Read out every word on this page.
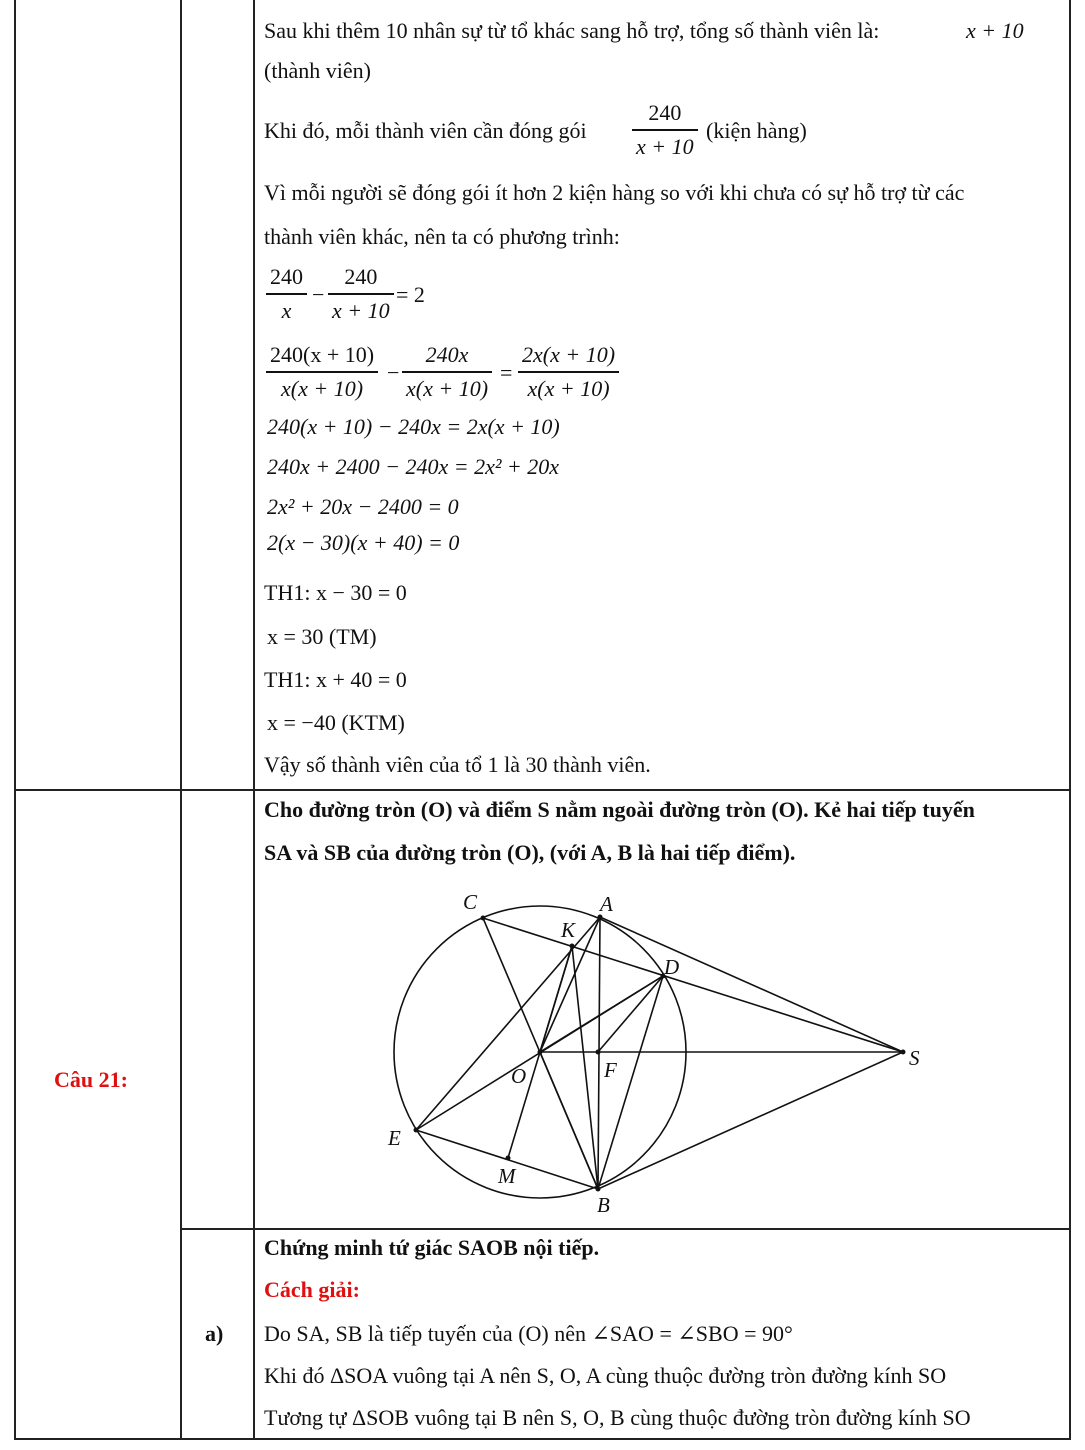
Sau khi thêm 10 nhân sự từ tổ khác sang hỗ trợ, tổng số thành viên là:	x + 10
(thành viên)
Khi đó, mỗi thành viên cần đóng gói
240
x + 10
(kiện hàng)
Vì mỗi người sẽ đóng gói ít hơn 2 kiện hàng so với khi chưa có sự hỗ trợ từ các
thành viên khác, nên ta có phương trình:
240
x
−
240
x + 10
= 2
240(x + 10)
x(x + 10)
−
240x
x(x + 10)
=
2x(x + 10)
x(x + 10)
240(x + 10) − 240x = 2x(x + 10)
240x + 2400 − 240x = 2x² + 20x
2x² + 20x − 2400 = 0
2(x − 30)(x + 40) = 0
TH1: x − 30 = 0
x = 30 (TM)
TH1: x + 40 = 0
x = −40 (KTM)
Vậy số thành viên của tổ 1 là 30 thành viên.
Câu 21:
Cho đường tròn (O) và điểm S nằm ngoài đường tròn (O). Kẻ hai tiếp tuyến
SA và SB của đường tròn (O), (với A, B là hai tiếp điểm).
C	A
K
D
S
O	F
E
M
B
a)
Chứng minh tứ giác SAOB nội tiếp.
Cách giải:
Do SA, SB là tiếp tuyến của (O) nên ∠SAO = ∠SBO = 90°
Khi đó ΔSOA vuông tại A nên S, O, A cùng thuộc đường tròn đường kính SO
Tương tự ΔSOB vuông tại B nên S, O, B cùng thuộc đường tròn đường kính SO
